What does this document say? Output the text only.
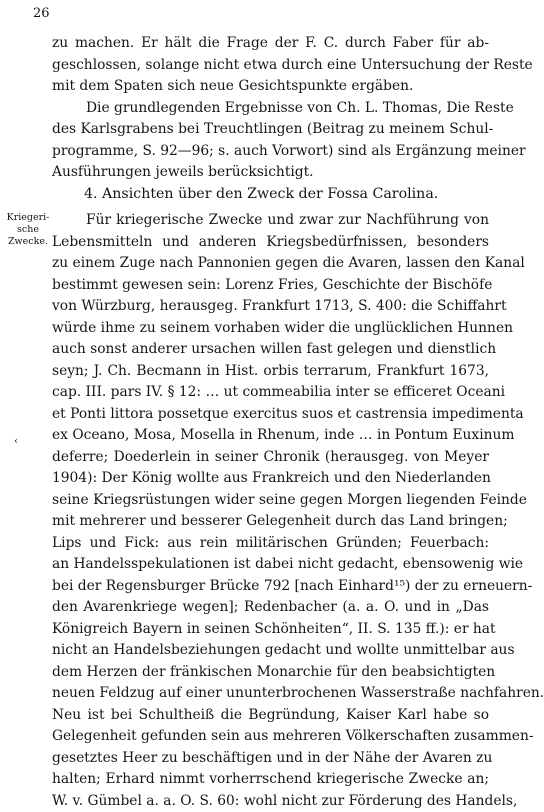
26
zu machen. Er hält die Frage der F. C. durch Faber für ab-
geschlossen, solange nicht etwa durch eine Untersuchung der Reste
mit dem Spaten sich neue Gesichtspunkte ergäben.
Die grundlegenden Ergebnisse von Ch. L. Thomas, Die Reste
des Karlsgrabens bei Treuchtlingen (Beitrag zu meinem Schul-
programme, S. 92—96; s. auch Vorwort) sind als Ergänzung meiner
Ausführungen jeweils berücksichtigt.
4. Ansichten über den Zweck der Fossa Carolina.
Kriegeri-
sche
Zwecke.
‹
Für kriegerische Zwecke und zwar zur Nachführung von
Lebensmitteln und anderen Kriegsbedürfnissen, besonders
zu einem Zuge nach Pannonien gegen die Avaren, lassen den Kanal
bestimmt gewesen sein: Lorenz Fries, Geschichte der Bischöfe
von Würzburg, herausgeg. Frankfurt 1713, S. 400: die Schiffahrt
würde ihme zu seinem vorhaben wider die unglücklichen Hunnen
auch sonst anderer ursachen willen fast gelegen und dienstlich
seyn; J. Ch. Becmann in Hist. orbis terrarum, Frankfurt 1673,
cap. III. pars IV. § 12: … ut commeabilia inter se efficeret Oceani
et Ponti littora possetque exercitus suos et castrensia impedimenta
ex Oceano, Mosa, Mosella in Rhenum, inde … in Pontum Euxinum
deferre; Doederlein in seiner Chronik (herausgeg. von Meyer
1904): Der König wollte aus Frankreich und den Niederlanden
seine Kriegsrüstungen wider seine gegen Morgen liegenden Feinde
mit mehrerer und besserer Gelegenheit durch das Land bringen;
Lips und Fick: aus rein militärischen Gründen; Feuerbach:
an Handelsspekulationen ist dabei nicht gedacht, ebensowenig wie
bei der Regensburger Brücke 792 [nach Einhard¹⁵) der zu erneuern-
den Avarenkriege wegen]; Redenbacher (a. a. O. und in „Das
Königreich Bayern in seinen Schönheiten“, II. S. 135 ff.): er hat
nicht an Handelsbeziehungen gedacht und wollte unmittelbar aus
dem Herzen der fränkischen Monarchie für den beabsichtigten
neuen Feldzug auf einer ununterbrochenen Wasserstraße nachfahren.
Neu ist bei Schultheiß die Begründung, Kaiser Karl habe so
Gelegenheit gefunden sein aus mehreren Völkerschaften zusammen-
gesetztes Heer zu beschäftigen und in der Nähe der Avaren zu
halten; Erhard nimmt vorherrschend kriegerische Zwecke an;
W. v. Gümbel a. a. O. S. 60: wohl nicht zur Förderung des Handels,
